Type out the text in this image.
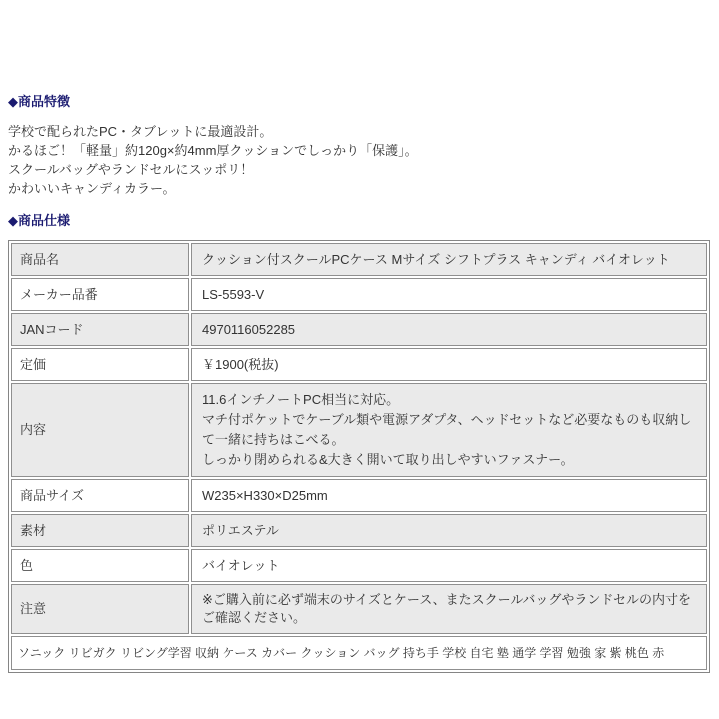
◆商品特徴
学校で配られたPC・タブレットに最適設計。
かるほご！「軽量」約120g×約4mm厚クッションでしっかり「保護」。
スクールバッグやランドセルにスッポリ！
かわいいキャンディカラー。
◆商品仕様
商品名	クッション付スクールPCケース Mサイズ シフトプラス キャンディ バイオレット
メーカー品番	LS-5593-V
JANコード	4970116052285
定価	￥1900(税抜)
内容	11.6インチノートPC相当に対応。
マチ付ポケットでケーブル類や電源アダプタ、ヘッドセットなど必要なものも収納して一緒に持ちはこべる。
しっかり閉められる&大きく開いて取り出しやすいファスナー。

商品サイズ	W235×H330×D25mm
素材	ポリエステル
色	バイオレット
注意	※ご購入前に必ず端末のサイズとケース、またスクールバッグやランドセルの内寸をご確認ください。
ソニック リビガク リビング学習 収納 ケース カバー クッション バッグ 持ち手 学校 自宅 塾 通学 学習 勉強 家 紫 桃色 赤	
